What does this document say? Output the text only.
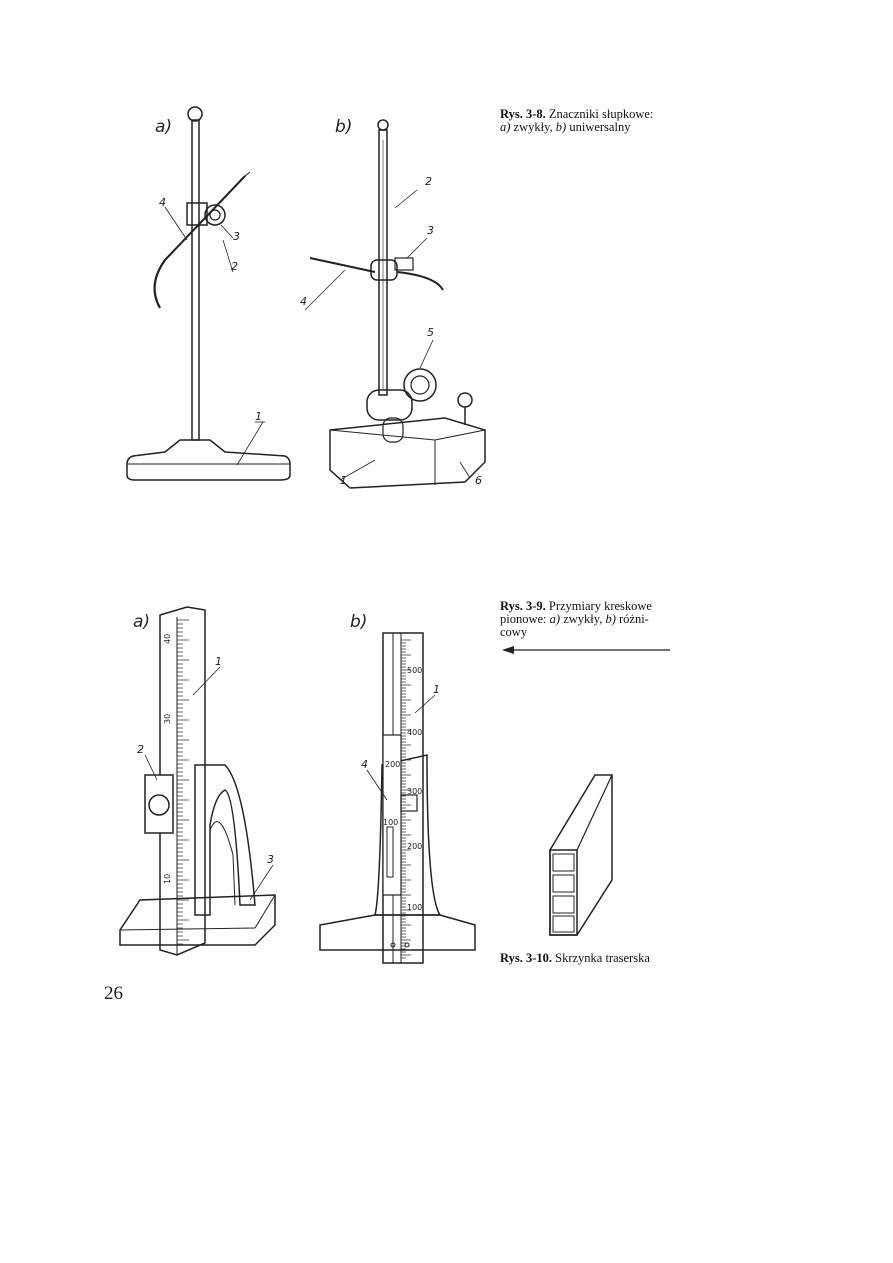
a)
1
2
3
4
b)
2
3
4
5
1	6
Rys. 3-8. Znaczniki słupkowe:
a) zwykły, b) uniwersalny
a)
40
30
10
1
2
3
b)
500
400
300
200
100
200
100
1
4
Rys. 3-9. Przymiary kreskowe
pionowe: a) zwykły, b) różni-
cowy
Rys. 3-10. Skrzynka traserska
26
